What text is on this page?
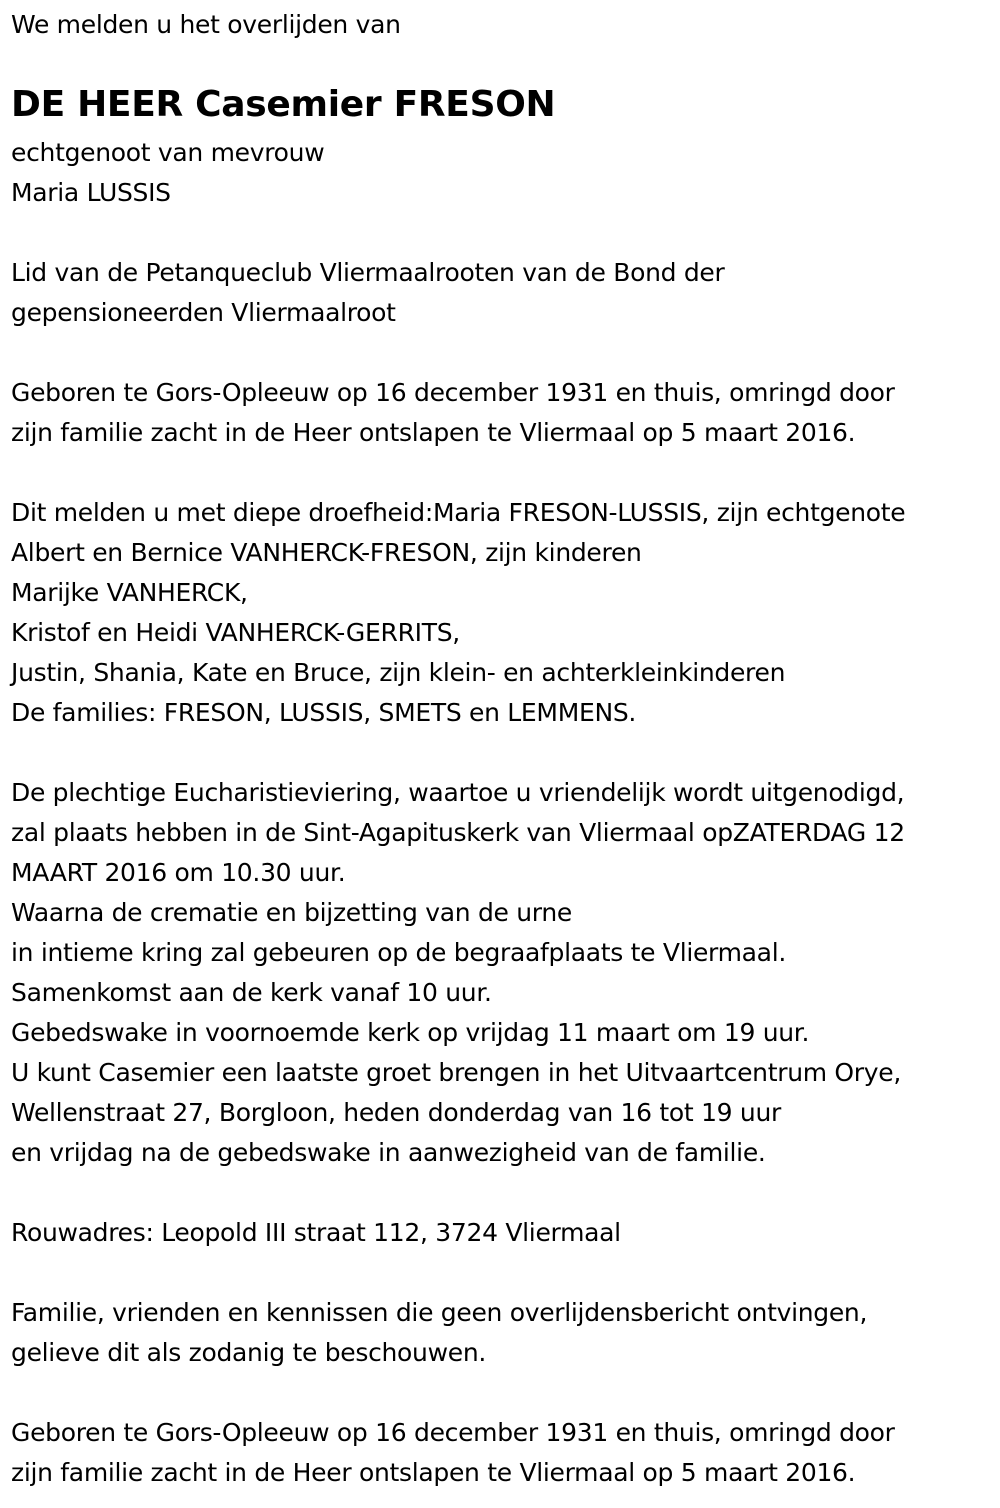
We melden u het overlijden van
DE HEER Casemier FRESON
echtgenoot van mevrouw
Maria LUSSIS
Lid van de Petanqueclub Vliermaalrooten van de Bond der
gepensioneerden Vliermaalroot
Geboren te Gors-Opleeuw op 16 december 1931 en thuis, omringd door
zijn familie zacht in de Heer ontslapen te Vliermaal op 5 maart 2016.
Dit melden u met diepe droefheid:Maria FRESON-LUSSIS, zijn echtgenote
Albert en Bernice VANHERCK-FRESON, zijn kinderen
Marijke VANHERCK,
Kristof en Heidi VANHERCK-GERRITS,
Justin, Shania, Kate en Bruce, zijn klein- en achterkleinkinderen
De families: FRESON, LUSSIS, SMETS en LEMMENS.
De plechtige Eucharistieviering, waartoe u vriendelijk wordt uitgenodigd,
zal plaats hebben in de Sint-Agapituskerk van Vliermaal opZATERDAG 12
MAART 2016 om 10.30 uur.
Waarna de crematie en bijzetting van de urne
in intieme kring zal gebeuren op de begraafplaats te Vliermaal.
Samenkomst aan de kerk vanaf 10 uur.
Gebedswake in voornoemde kerk op vrijdag 11 maart om 19 uur.
U kunt Casemier een laatste groet brengen in het Uitvaartcentrum Orye,
Wellenstraat 27, Borgloon, heden donderdag van 16 tot 19 uur
en vrijdag na de gebedswake in aanwezigheid van de familie.
Rouwadres: Leopold III straat 112, 3724 Vliermaal
Familie, vrienden en kennissen die geen overlijdensbericht ontvingen,
gelieve dit als zodanig te beschouwen.
Geboren te Gors-Opleeuw op 16 december 1931 en thuis, omringd door
zijn familie zacht in de Heer ontslapen te Vliermaal op 5 maart 2016.
